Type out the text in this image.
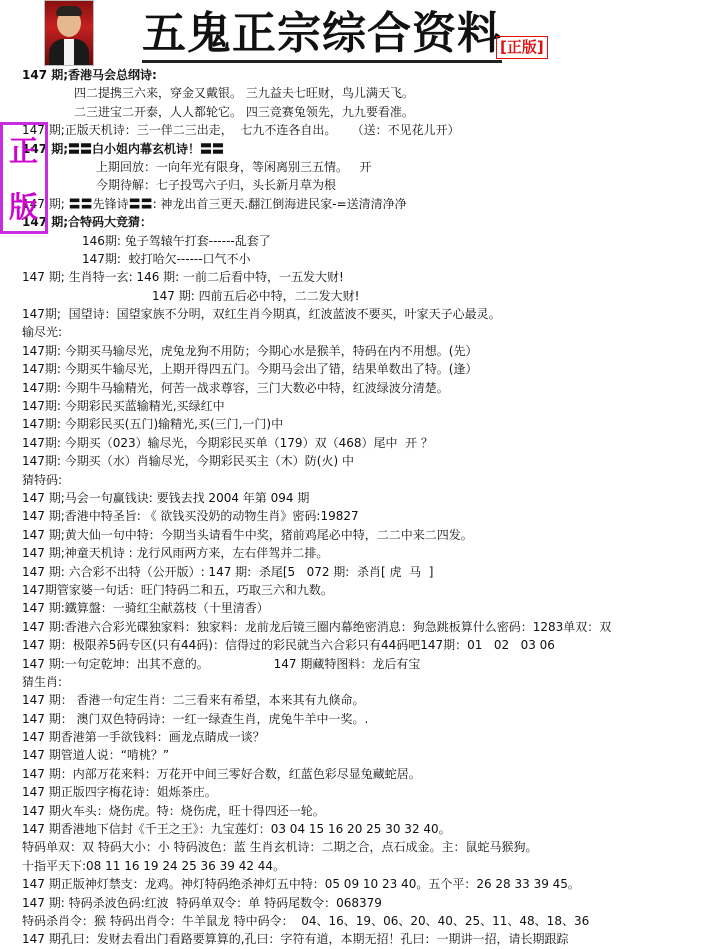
五鬼正宗综合资料
[正版]
147 期;香港马会总纲诗:
四二提携三六来，穿金又戴银。 三九益夫七旺财，鸟儿满天飞。
二三进宝二开泰，人人都轮它。 四三竞赛兔领先，九九要看准。
147 期;正版天机诗：三一伴二三出走，  七九不连各自出。    （送：不见花儿开）
147 期;〓〓白小姐内幕玄机诗！〓〓
上期回放：一向年光有限身，等闲离别三五情。   开
今期待解：七子投骂六子归，头长新月草为根
147 期; 〓〓先锋诗〓〓: 神龙出首三更天.翻江倒海进民家-=送清清净净
147 期;合特码大竞猜：
146期: 兔子驾辕午打套------乱套了
147期:  蛟打哈欠------口气不小
147 期; 生肖特一玄: 146 期: 一前二后看中特，一五发大财!
147 期: 四前五后必中特，二二发大财!
147期;  国望诗：国望家族不分明，双红生肖今期真，红波蓝波不要买，叶家天子心最灵。
输尽光:
147期: 今期买马输尽光，虎兔龙狗不用防；今期心水是猴羊，特码在内不用想。(先）
147期: 今期买牛输尽光，上期开得四五门。今期马会出了错，结果单数出了特。(逢）
147期: 今期牛马输精光，何苦一战求尊容，三门大数必中特，红波绿波分清楚。
147期: 今期彩民买蓝输精光,买绿红中
147期: 今期彩民买(五门)输精光,买(三门,一门)中
147期: 今期买（023）输尽光，今期彩民买单（179）双（468）尾中  开 ？
147期: 今期买（水）肖输尽光，今期彩民买主（木）防(火) 中
猜特码:
147 期;马会一句赢钱诀: 要钱去找 2004 年第 094 期
147 期;香港中特圣旨: 《 欲钱买没奶的动物生肖》密码:19827
147 期;黄大仙一句中特：今期当头请看牛中奖，猪前鸡尾必中特，二二中来二四发。
147 期;神童天机诗 : 龙行风雨两方来，左右伴驾并二排。
147 期: 六合彩不出特（公开版）: 147 期:  杀尾[5   072 期:  杀肖[ 虎  马  ]
147期管家婆一句话：旺门特码二和五，巧取三六和九数。
147 期:鐵算盤：一骑红尘献荔枝（十里清香）
147 期:香港六合彩光碟独家料：独家料：龙前龙后镜三圈内幕绝密消息：狗急跳板算什么密码：1283单双：双
147 期：极限养5码专区(只有44码)：信得过的彩民就当六合彩只有44码吧147期：01   02   03 06
147 期:一句定乾坤：出其不意的。                 147 期藏特图料：龙后有宝
猜生肖:
147 期： 香港一句定生肖：二三看来有希望，本来其有九倏命。
147 期： 澳门双色特码诗：一红一绿查生肖，虎兔牛羊中一奖。.
147 期香港第一手欲钱料：画龙点睛成一谈？
147 期管道人说：“啃桃？”
147 期：内部万花来料：万花开中间三零好合数，红蓝色彩尽显兔藏蛇居。
147 期正版四字梅花诗：姐烁茶庄。
147 期火车头：烧伤虎。特：烧伤虎，旺十得四还一轮。
147 期香港地下信封《千王之王》：九宝莲灯：03 04 15 16 20 25 30 32 40。
特码单双：双 特码大小：小 特码波色：蓝 生肖玄机诗：二期之合，点石成金。主：鼠蛇马猴狗。
十指平天下:08 11 16 19 24 25 36 39 42 44。
147 期正版神灯禁支：龙鸡。神灯特码绝杀神灯五中特：05 09 10 23 40。五个平：26 28 33 39 45。
147 期: 特码杀波色码:红波  特码单双令：单 特码尾数令：068379
特码杀肖令：猴 特码出肖令：牛羊鼠龙 特中码令：  04、16、19、06、20、40、25、11、48、18、36
147 期孔曰：发财去看出门看路要算算的,孔曰：字符有道，本期无招！孔曰：一期讲一招，请长期跟踪
正
版
